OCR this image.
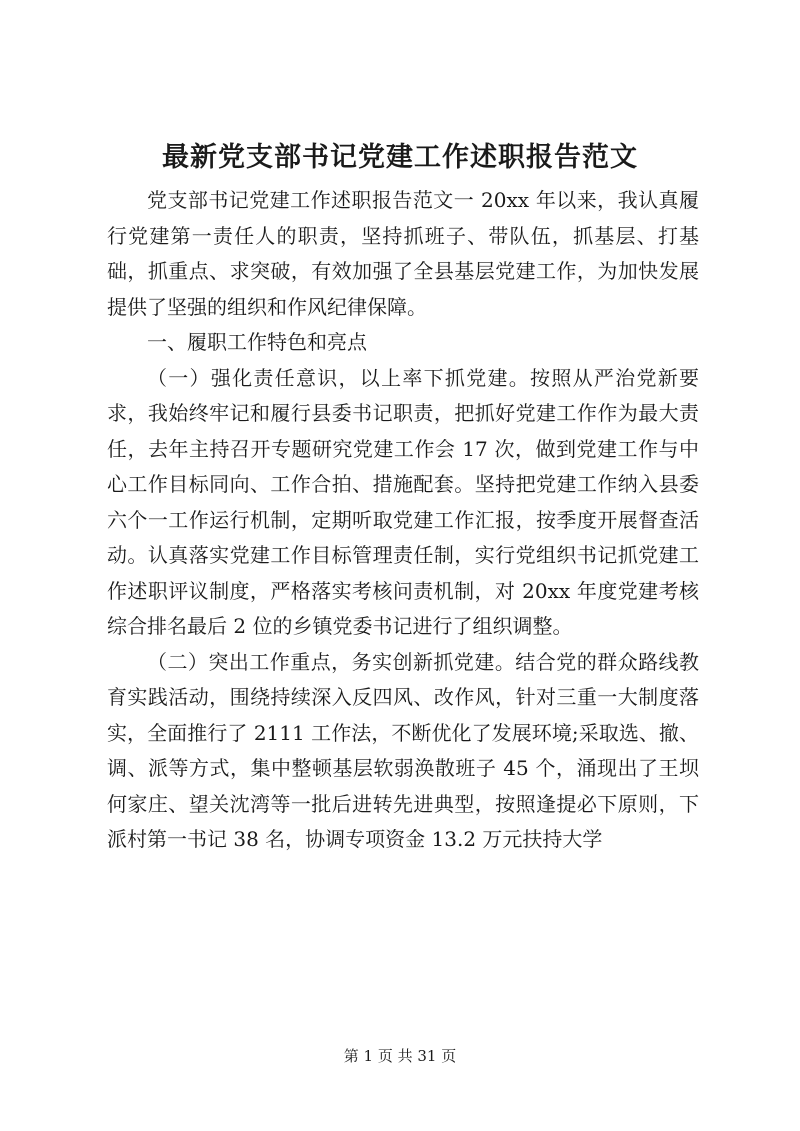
最新党支部书记党建工作述职报告范文

党支部书记党建工作述职报告范文一 20xx 年以来，我认真履行党建第一责任人的职责，坚持抓班子、带队伍，抓基层、打基础，抓重点、求突破，有效加强了全县基层党建工作，为加快发展提供了坚强的组织和作风纪律保障。

一、履职工作特色和亮点

（一）强化责任意识，以上率下抓党建。按照从严治党新要求，我始终牢记和履行县委书记职责，把抓好党建工作作为最大责任，去年主持召开专题研究党建工作会 17 次，做到党建工作与中心工作目标同向、工作合拍、措施配套。坚持把党建工作纳入县委六个一工作运行机制，定期听取党建工作汇报，按季度开展督查活动。认真落实党建工作目标管理责任制，实行党组织书记抓党建工作述职评议制度，严格落实考核问责机制，对 20xx 年度党建考核综合排名最后 2 位的乡镇党委书记进行了组织调整。

（二）突出工作重点，务实创新抓党建。结合党的群众路线教育实践活动，围绕持续深入反四风、改作风，针对三重一大制度落实，全面推行了 2111 工作法，不断优化了发展环境;采取选、撤、调、派等方式，集中整顿基层软弱涣散班子 45 个，涌现出了王坝何家庄、望关沈湾等一批后进转先进典型，按照逢提必下原则，下派村第一书记 38 名，协调专项资金 13.2 万元扶持大学

第 1 页 共 31 页
